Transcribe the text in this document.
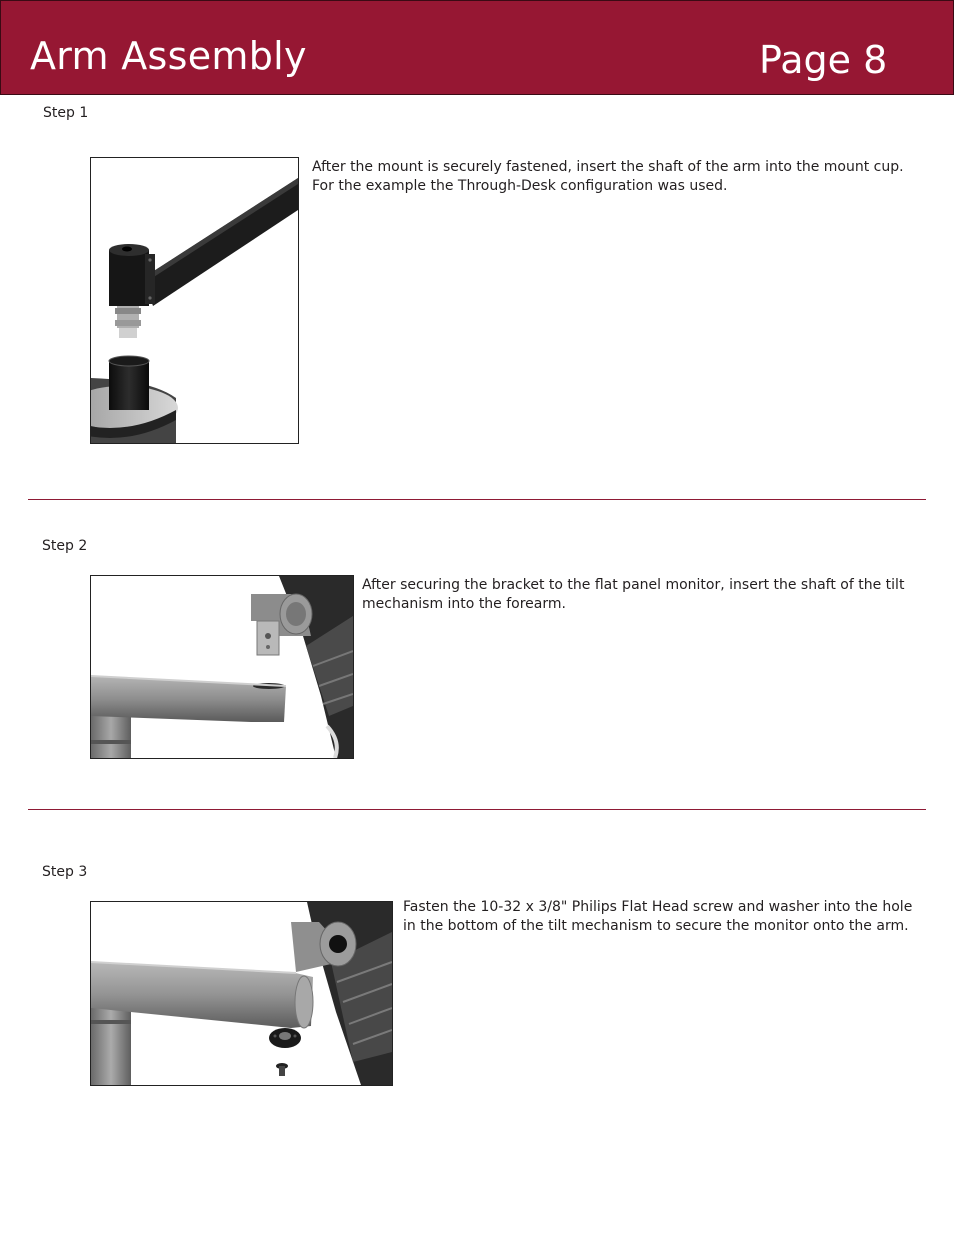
Arm Assembly	Page 8
Step 1
After the mount is securely fastened, insert the shaft of the arm into the mount cup. For the example the Through-Desk configuration was used.
Step 2
After securing the bracket to the flat panel monitor, insert the shaft of the tilt mechanism into the forearm.
Step 3
Fasten the 10-32 x 3/8" Philips Flat Head screw and washer into the hole in the bottom of the tilt mechanism to secure the monitor onto the arm.
